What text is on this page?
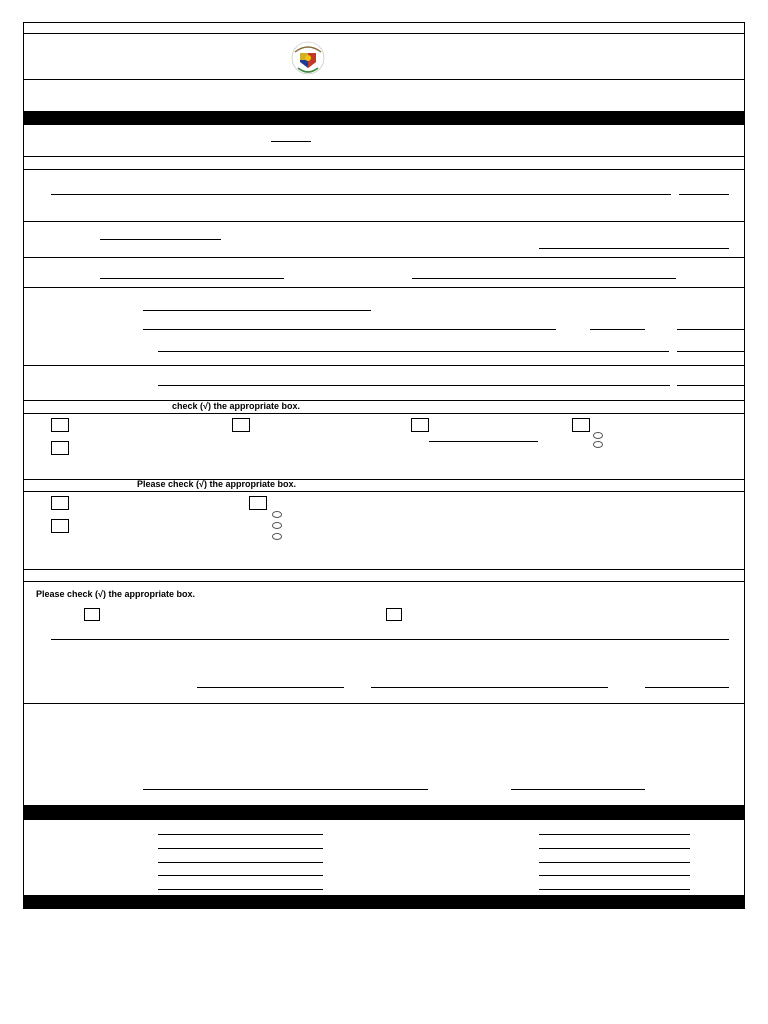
check (√) the appropriate box.
Please check (√) the appropriate box.
Please check (√) the appropriate box.
